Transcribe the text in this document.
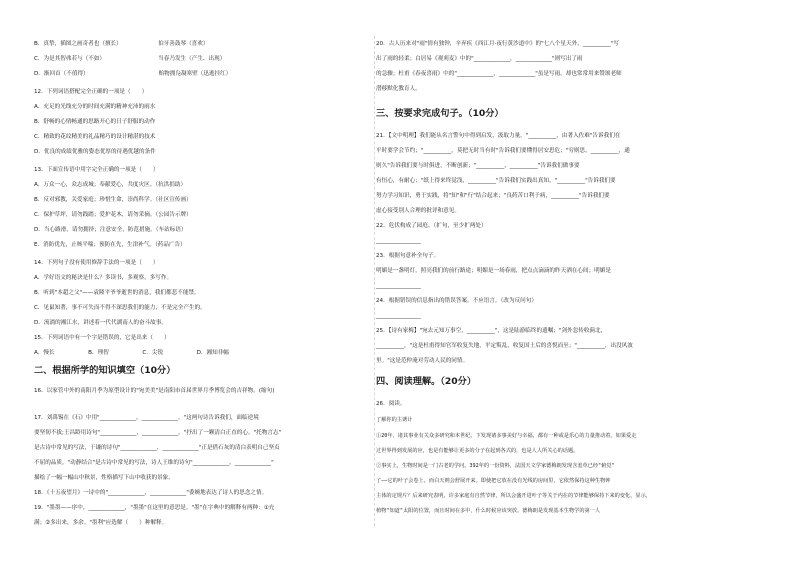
B．真挚，插图之画奇者也（擅长）　　　　　　　伯牙善鼓琴（喜欢）
C．为是其智弗若与（不如）　　　　　　　　　　当春乃发生（产生、出现）
D．渐回首（不值得）　　　　　　　　　　　　　贻物拥凫凝寒壁（迅逃挂红）
12．下列词语搭配完全正确的一项是（　　）
A．充足的光线充分的时间充满的精神充沛的雨水
B．舒畅的心情畅通的思路开心的日子舒服的动作
C．精致的花纹精美的礼品精巧的设计精湛的技术
D．优良的成绩优雅的姿态优厚的待遇优越的条件
13．下面宣传语中用字完全正确的一项是（　　）
A．万众一心，众志成城；奉献爱心，共度灾区。（抗洪捐助）
B．反对邪教，关爱家庭；珍惜生命，崇尚科学。（社区宣传画）
C．保护草坪，请勿践踏；爱护花木，请勿采摘。（公园告示牌）
D．当心路滑，请勿拥挤；注意安全，防范措施。（车站标语）
E．消防优先，止咳平喘；预防在先，生津补气。（药品广告）
14．下列句子没有使用修辞手法的一项是（　　）
A．学好语文的秘诀是什么？多读书，多观察，多写作。
B．听到"本超之父"——袁隆平爷爷逝世的消息，我们都悲不能禁。
C．见鼠知著，事不可失而不得不深思我们的能力，不是完全产生的。
D．流淌的湘江水，讲述着一代代湖南人的奋斗故事。
15．下列词语中有一个字是错误的，它是出来（　　）
A．慢长　　　　　　B．理智　　　　　　C．尖锐　　　　　　D．湘知非幅
二、根据所学的知识填空（10分）
16．以家管中外的南阳月季为原型设计的"宛美美"是南阳市首届世界月季博览会的吉祥物。(缩句)
17．刘禹锡在《石》中用"_____________，_____________。"这两句诗告诉我们，面临逆境
要坚韧不拔;王昌龄用诗句"_____________，_____________。"抒出了一颗清白正直的心。"托物言志"
是古诗中常见的写法，于谦的诗句"_____________，_____________"正是借石灰的清白表明自己坚贞
不屈的品质。"动静结合"是古诗中常见的写法，诗人王维的诗句"_____________，_____________"
描绘了一幅一幅山中秋景，性格描写下山中收获的景象。
18．《十五夜望月》一诗中的"_____________，_____________"委婉地表达了诗人的思念之情。
19．"墨墨——序中，_____________，"墨墨"在这里的意思是。"墨"在字典中的解释有两种：①充
满；②多出来，多余。"墨利"应选解（　　）种解释。
20．古人历来对"雨"情有独钟，辛弃疾《西江月·夜行黄沙道中》的"七八个星天外，__________"写
出了雨的轻柔；白居易《观刈麦》中的"_____________，_____________"则写出了雨
的急骤；杜甫《春夜喜雨》中的"_____________，_____________"虽是写雨，却也常常用来赞颂老师
潜移默化教育人。
三、按要求完成句子。（10分）
21．【文中明理】我们能从名言警句中得到启发，汲取力量。"__________，由著入佐难"告诉我们在
平时要学会节约；"__________，莫把无时当有时"告诉我们要懂得居安思危；"穷则思，__________，通
则久"告诉我们要与时俱进，不断创新；"__________，__________"告诉我们做事要
有恒心，有耐心；"纸上得来终觉浅，__________"告诉我们实践出真知。"__________"告诉我们要
努力学习知识，勇于实践，将"知"和"行"结合起来；"良药苦口利于病，__________"告诉我们要
虚心接受别人合理的批评和意见。
22．危伏构成了园庭。（扩句，至少扩两处）
________________
23．根据句意补全句子。
明媚是一盏明灯，照亮我们的前行路途；明媚是一场春雨，把点点滴滴的昨天洒在心间；明媚是
________________
24．根据错误的信息指出的错误答案。不应语言。（改为反问句）
________________
25．【诗有家梅】"宛去元知万事空，__________"，这是陆游临终的遗嘱；"剑外忽传收蓟北，
__________，"这是杜甫得知官军收复失地，平定叛乱，收复国土后的喜悦而至；"__________，出没风波
里。"这是范仲淹对劳动人民的同情。
四、阅读理解。（20分）
26．阅读。
了解你的主诱计
①20年，诸其事业有关众多研究和本世纪，下发现诸多事美好与幸福，都有一种或是乐心的力量推动着。如果爱走
过世界得到发展的应，也是有能够让更多的分子在起到各式的，也是人人所关心的话题。
②事实上，生物时间是一门古老的学问。392年的一份资料，法国天文学家德梅朗发现含羞草已经"俯觉"
了——它的叶子会卷上，而白天则会舒展开来。即使把它放在没有光线的房间里，它依然保持这种生物钟
主体的定规片？后来研究表明，许多家庭有自然节律，所以会盛开进叶子等关于内在的节律能够保持下来的变化，显示，
植物"知道"太阳的位置，而且时间在多中，什么时候应该突放。德梅朗是发现基本生物学的第一人
